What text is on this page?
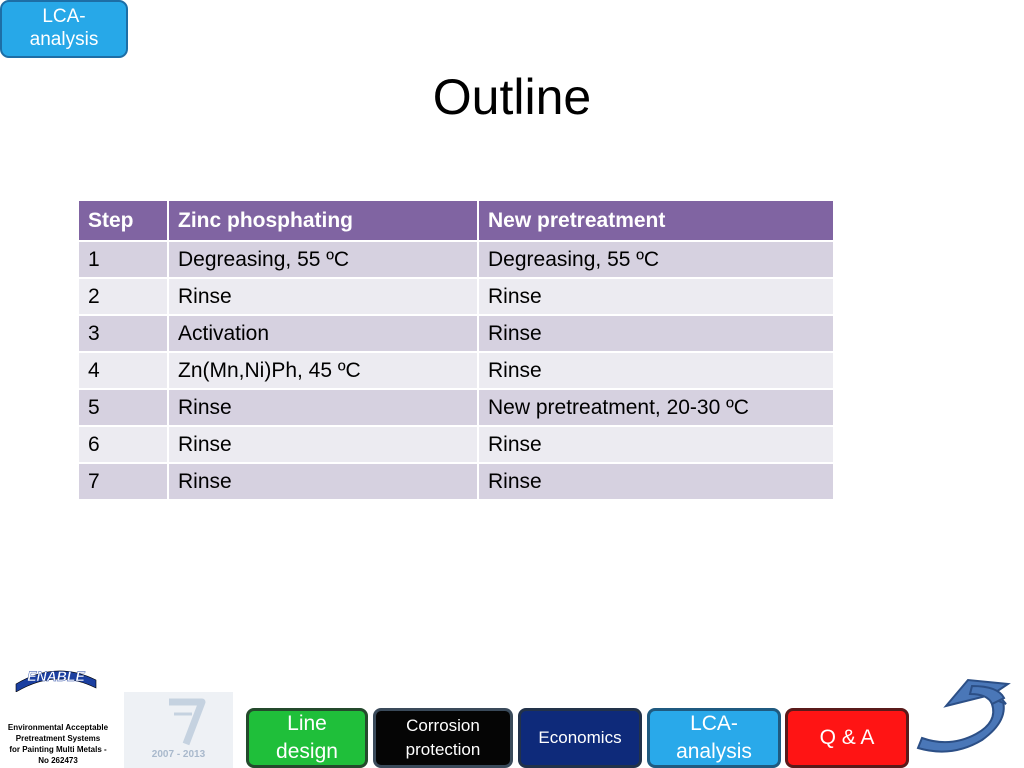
LCA-
analysis
Outline
Step	Zinc phosphating	New pretreatment
1	Degreasing, 55 ºC	Degreasing, 55 ºC
2	Rinse	Rinse
3	Activation	Rinse
4	Zn(Mn,Ni)Ph, 45 ºC	Rinse
5	Rinse	New pretreatment, 20-30 ºC
6	Rinse	Rinse
7	Rinse	Rinse
ENABLE
Environmental Acceptable
Pretreatment Systems
for Painting Multi Metals -
No 262473
2007 - 2013
Line
design
Corrosion
protection
Economics
LCA-
analysis
Q & A
